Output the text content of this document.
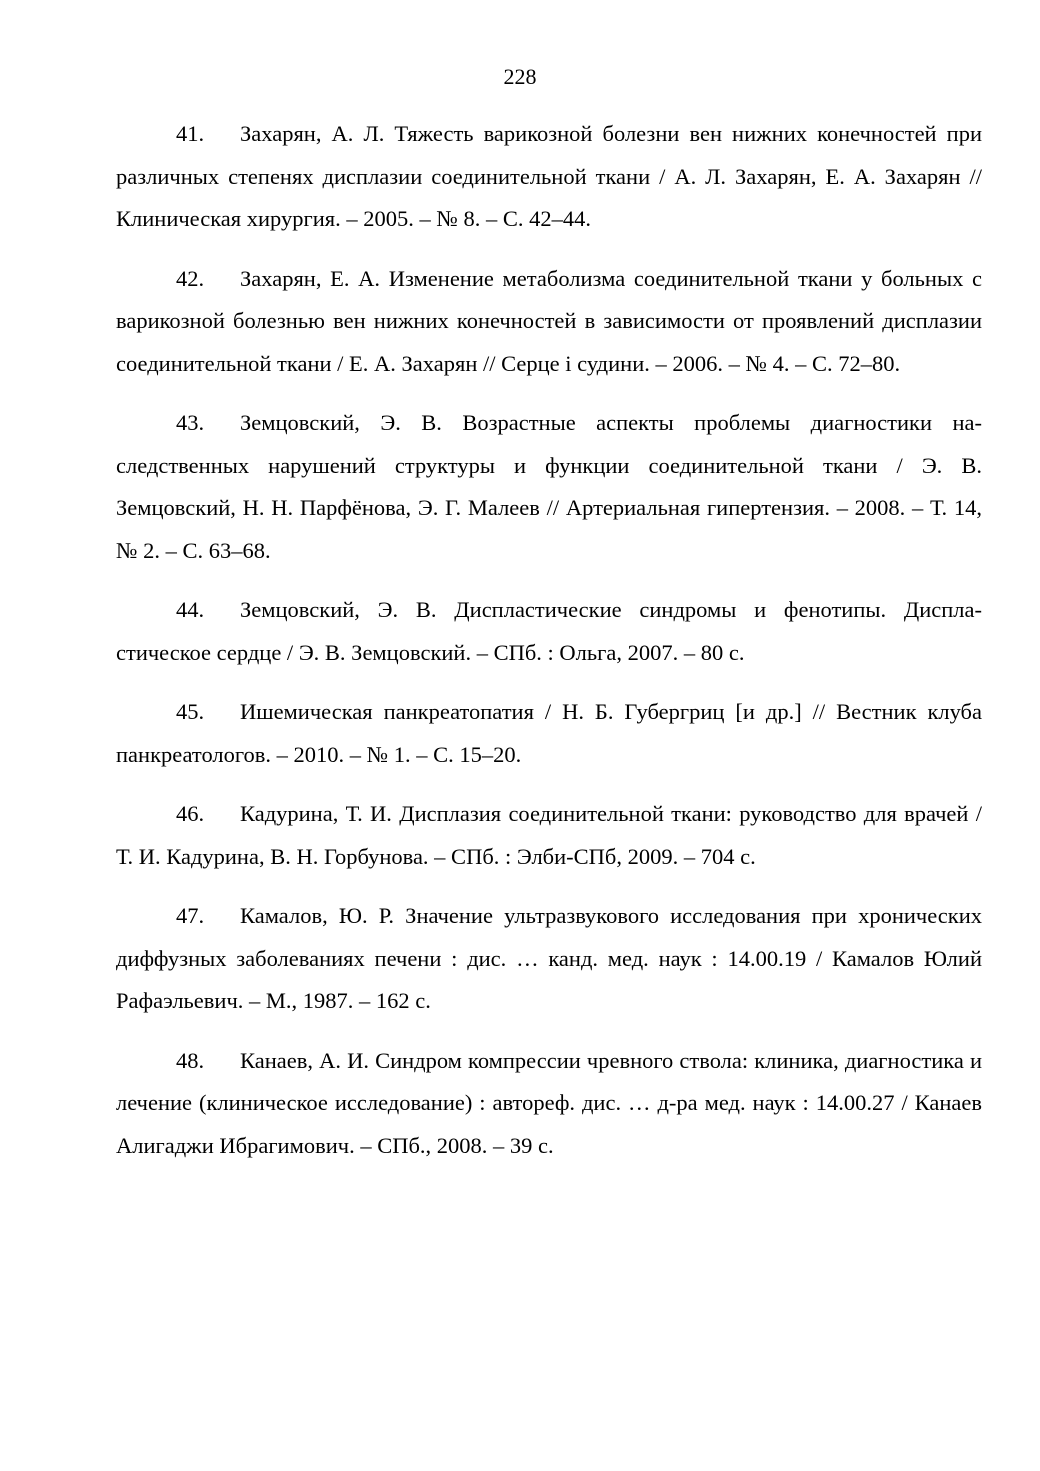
228

41. Захарян, А. Л. Тяжесть варикозной болезни вен нижних конечностей при различных степенях дисплазии соединительной ткани / А. Л. Захарян, Е. А. Захарян // Клиническая хирургия. – 2005. – № 8. – С. 42–44.

42. Захарян, Е. А. Изменение метаболизма соединительной ткани у больных с варикозной болезнью вен нижних конечностей в зависимости от проявлений дисплазии соединительной ткани / Е. А. Захарян // Серце і судини. – 2006. – № 4. – С. 72–80.

43. Земцовский, Э. В. Возрастные аспекты проблемы диагностики наследственных нарушений структуры и функции соединительной ткани / Э. В. Земцовский, Н. Н. Парфёнова, Э. Г. Малеев // Артериальная гипертензия. – 2008. – Т. 14, № 2. – С. 63–68.

44. Земцовский, Э. В. Диспластические синдромы и фенотипы. Диспластическое сердце / Э. В. Земцовский. – СПб. : Ольга, 2007. – 80 с.

45. Ишемическая панкреатопатия / Н. Б. Губергриц [и др.] // Вестник клуба панкреатологов. – 2010. – № 1. – С. 15–20.

46. Кадурина, Т. И. Дисплазия соединительной ткани: руководство для врачей / Т. И. Кадурина, В. Н. Горбунова. – СПб. : Элби-СПб, 2009. – 704 с.

47. Камалов, Ю. Р. Значение ультразвукового исследования при хронических диффузных заболеваниях печени : дис. … канд. мед. наук : 14.00.19 / Камалов Юлий Рафаэльевич. – М., 1987. – 162 с.

48. Канаев, А. И. Синдром компрессии чревного ствола: клиника, диагностика и лечение (клиническое исследование) : автореф. дис. … д-ра мед. наук : 14.00.27 / Канаев Алигаджи Ибрагимович. – СПб., 2008. – 39 с.
